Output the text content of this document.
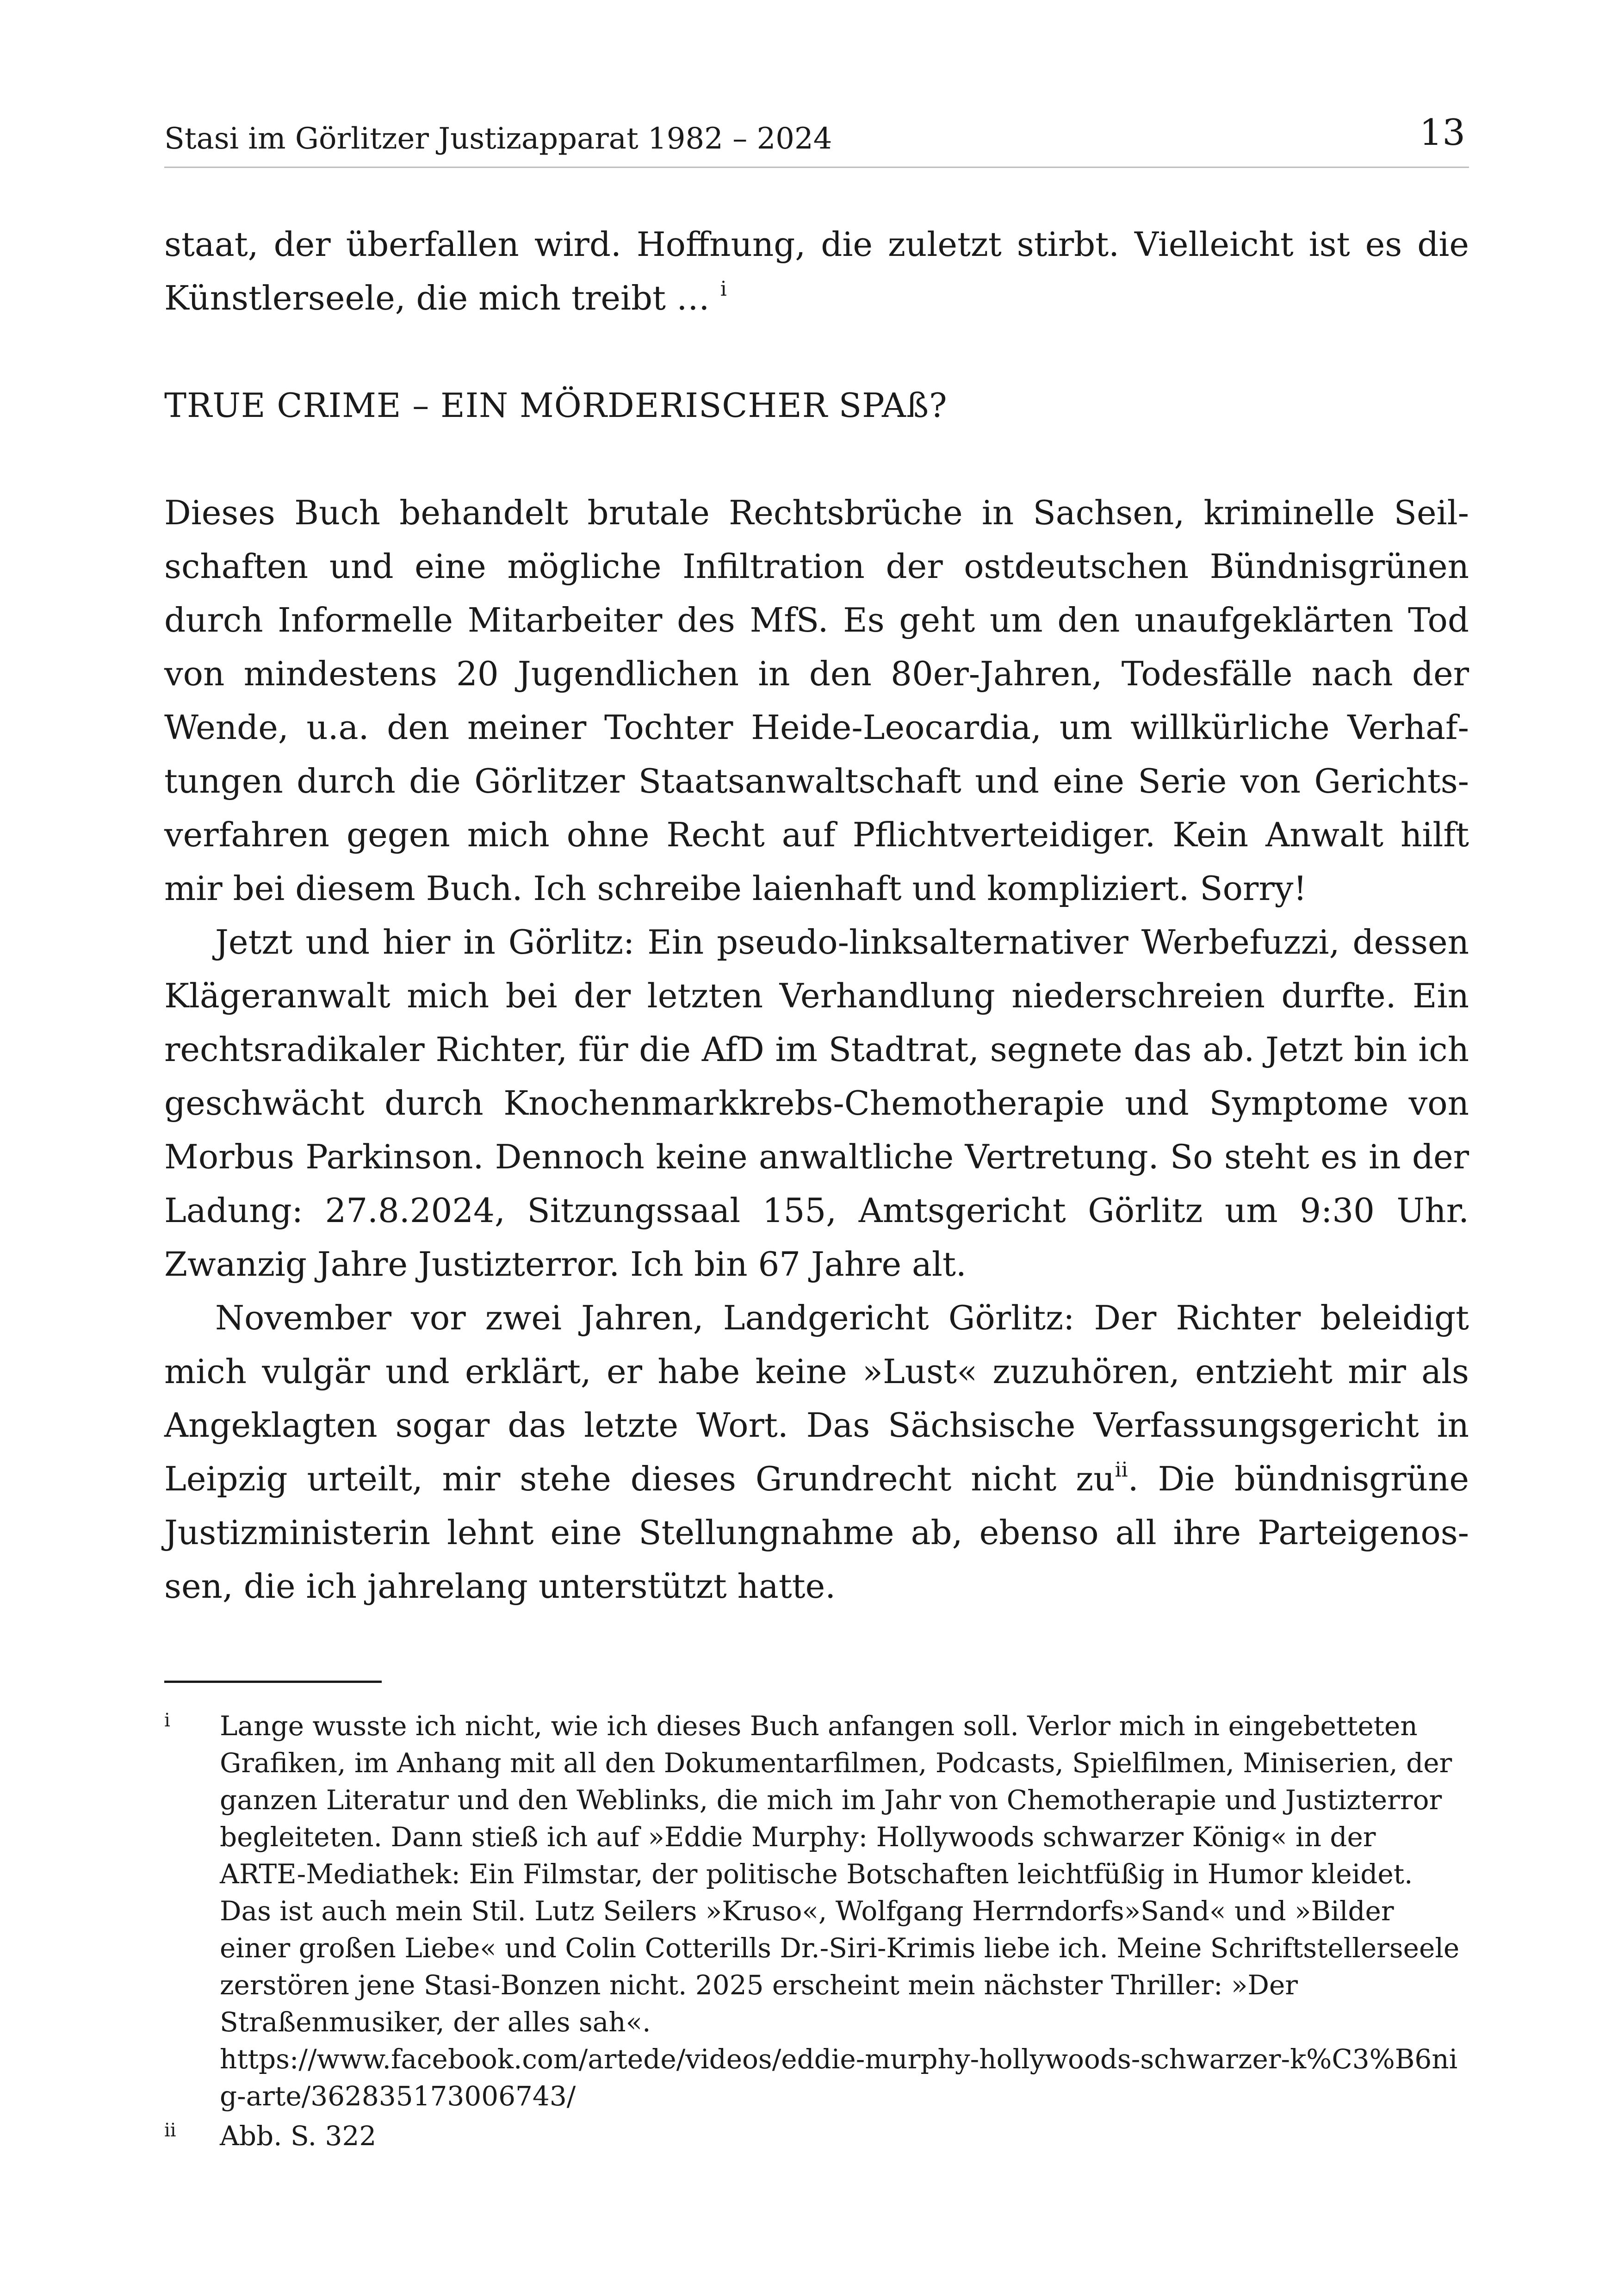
Stasi im Görlitzer Justizapparat 1982 – 2024	13

staat, der überfallen wird. Hoffnung, die zuletzt stirbt. Vielleicht ist es die Künstlerseele, die mich treibt … $^i$

TRUE CRIME – EIN MÖRDERISCHER SPAß?

Dieses Buch behandelt brutale Rechtsbrüche in Sachsen, kriminelle Seilschaften und eine mögliche Infiltration der ostdeutschen Bündnisgrünen durch Informelle Mitarbeiter des MfS. Es geht um den unaufgeklärten Tod von mindestens 20 Jugendlichen in den 80er-Jahren, Todesfälle nach der Wende, u.a. den meiner Tochter Heide-Leocardia, um willkürliche Verhaftungen durch die Görlitzer Staatsanwaltschaft und eine Serie von Gerichtsverfahren gegen mich ohne Recht auf Pflichtverteidiger. Kein Anwalt hilft mir bei diesem Buch. Ich schreibe laienhaft und kompliziert. Sorry!

Jetzt und hier in Görlitz: Ein pseudo-linksalternativer Werbefuzzi, dessen Klägeranwalt mich bei der letzten Verhandlung niederschreien durfte. Ein rechtsradikaler Richter, für die AfD im Stadtrat, segnete das ab. Jetzt bin ich geschwächt durch Knochenmarkkrebs-Chemotherapie und Symptome von Morbus Parkinson. Dennoch keine anwaltliche Vertretung. So steht es in der Ladung: 27.8.2024, Sitzungssaal 155, Amtsgericht Görlitz um 9:30 Uhr. Zwanzig Jahre Justizterror. Ich bin 67 Jahre alt.

November vor zwei Jahren, Landgericht Görlitz: Der Richter beleidigt mich vulgär und erklärt, er habe keine »Lust« zuzuhören, entzieht mir als Angeklagten sogar das letzte Wort. Das Sächsische Verfassungsgericht in Leipzig urteilt, mir stehe dieses Grundrecht nicht $zu^{ii}$. Die bündnisgrüne Justizministerin lehnt eine Stellungnahme ab, ebenso all ihre Parteigenossen, die ich jahrelang unterstützt hatte.

i Lange wusste ich nicht, wie ich dieses Buch anfangen soll. Verlor mich in eingebetteten Grafiken, im Anhang mit all den Dokumentarfilmen, Podcasts, Spielfilmen, Miniserien, der ganzen Literatur und den Weblinks, die mich im Jahr von Chemotherapie und Justizterror begleiteten. Dann stieß ich auf »Eddie Murphy: Hollywoods schwarzer König« in der ARTE-Mediathek: Ein Filmstar, der politische Botschaften leichtfüßig in Humor kleidet. Das ist auch mein Stil. Lutz Seilers »Kruso«, Wolfgang Herrndorfs»Sand« und »Bilder einer großen Liebe« und Colin Cotterills Dr.-Siri-Krimis liebe ich. Meine Schriftstellerseele zerstören jene Stasi-Bonzen nicht. 2025 erscheint mein nächster Thriller: »Der Straßenmusiker, der alles sah«.
https://www.facebook.com/artede/videos/eddie-murphy-hollywoods-schwarzer-k%C3%B6nig-arte/362835173006743/
ii Abb. S. 322
